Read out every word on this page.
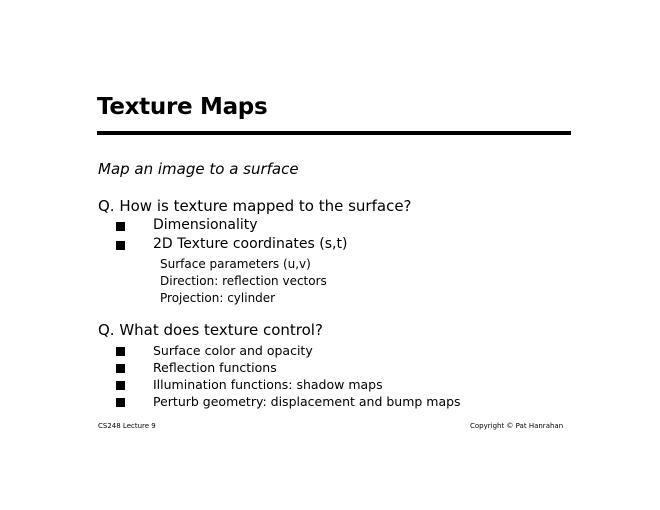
Texture Maps
Map an image to a surface
Q. How is texture mapped to the surface?
Dimensionality
2D Texture coordinates (s,t)
Surface parameters (u,v)
Direction: reflection vectors
Projection: cylinder
Q. What does texture control?
Surface color and opacity
Reflection functions
Illumination functions: shadow maps
Perturb geometry: displacement and bump maps
CS248 Lecture 9	Copyright © Pat Hanrahan
